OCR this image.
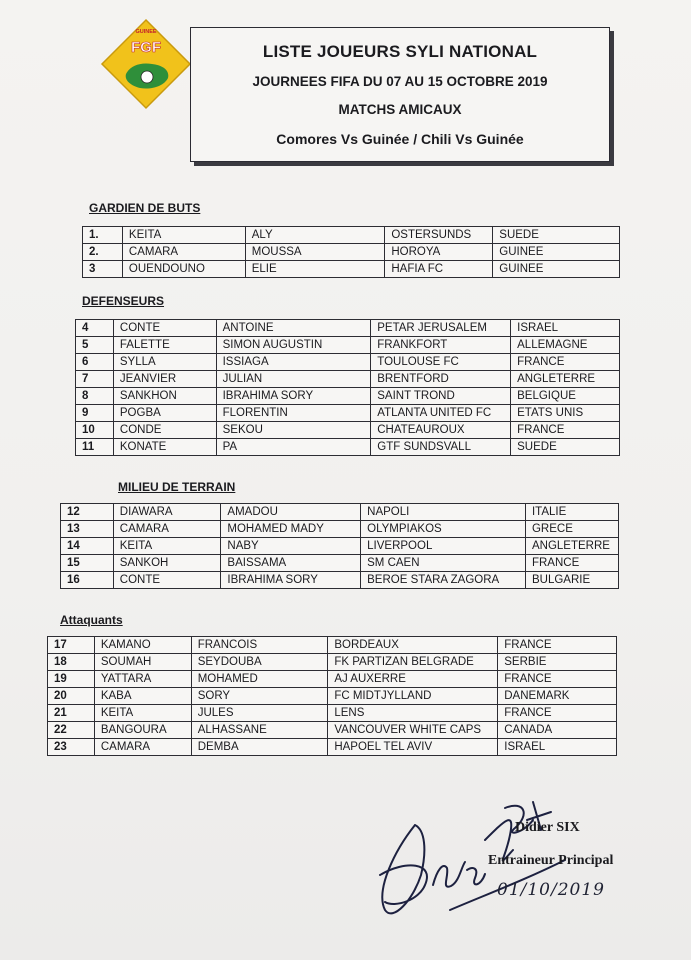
FGF
GUINEE
LISTE JOUEURS SYLI NATIONAL
JOURNEES FIFA DU 07 AU 15 OCTOBRE 2019
MATCHS AMICAUX
Comores Vs Guinée / Chili Vs Guinée
GARDIEN DE BUTS
1.	KEITA	ALY	OSTERSUNDS	SUEDE
2.	CAMARA	MOUSSA	HOROYA	GUINEE
3	OUENDOUNO	ELIE	HAFIA FC	GUINEE
DEFENSEURS
4	CONTE	ANTOINE	PETAR JERUSALEM	ISRAEL
5	FALETTE	SIMON AUGUSTIN	FRANKFORT	ALLEMAGNE
6	SYLLA	ISSIAGA	TOULOUSE FC	FRANCE
7	JEANVIER	JULIAN	BRENTFORD	ANGLETERRE
8	SANKHON	IBRAHIMA SORY	SAINT TROND	BELGIQUE
9	POGBA	FLORENTIN	ATLANTA UNITED FC	ETATS UNIS
10	CONDE	SEKOU	CHATEAUROUX	FRANCE
11	KONATE	PA	GTF SUNDSVALL	SUEDE
MILIEU DE TERRAIN
12	DIAWARA	AMADOU	NAPOLI	ITALIE
13	CAMARA	MOHAMED MADY	OLYMPIAKOS	GRECE
14	KEITA	NABY	LIVERPOOL	ANGLETERRE
15	SANKOH	BAISSAMA	SM CAEN	FRANCE
16	CONTE	IBRAHIMA SORY	BEROE STARA ZAGORA	BULGARIE
Attaquants
17	KAMANO	FRANCOIS	BORDEAUX	FRANCE
18	SOUMAH	SEYDOUBA	FK PARTIZAN BELGRADE	SERBIE
19	YATTARA	MOHAMED	AJ AUXERRE	FRANCE
20	KABA	SORY	FC MIDTJYLLAND	DANEMARK
21	KEITA	JULES	LENS	FRANCE
22	BANGOURA	ALHASSANE	VANCOUVER WHITE CAPS	CANADA
23	CAMARA	DEMBA	HAPOEL TEL AVIV	ISRAEL
Didier SIX
Entraineur Principal
01/10/2019
